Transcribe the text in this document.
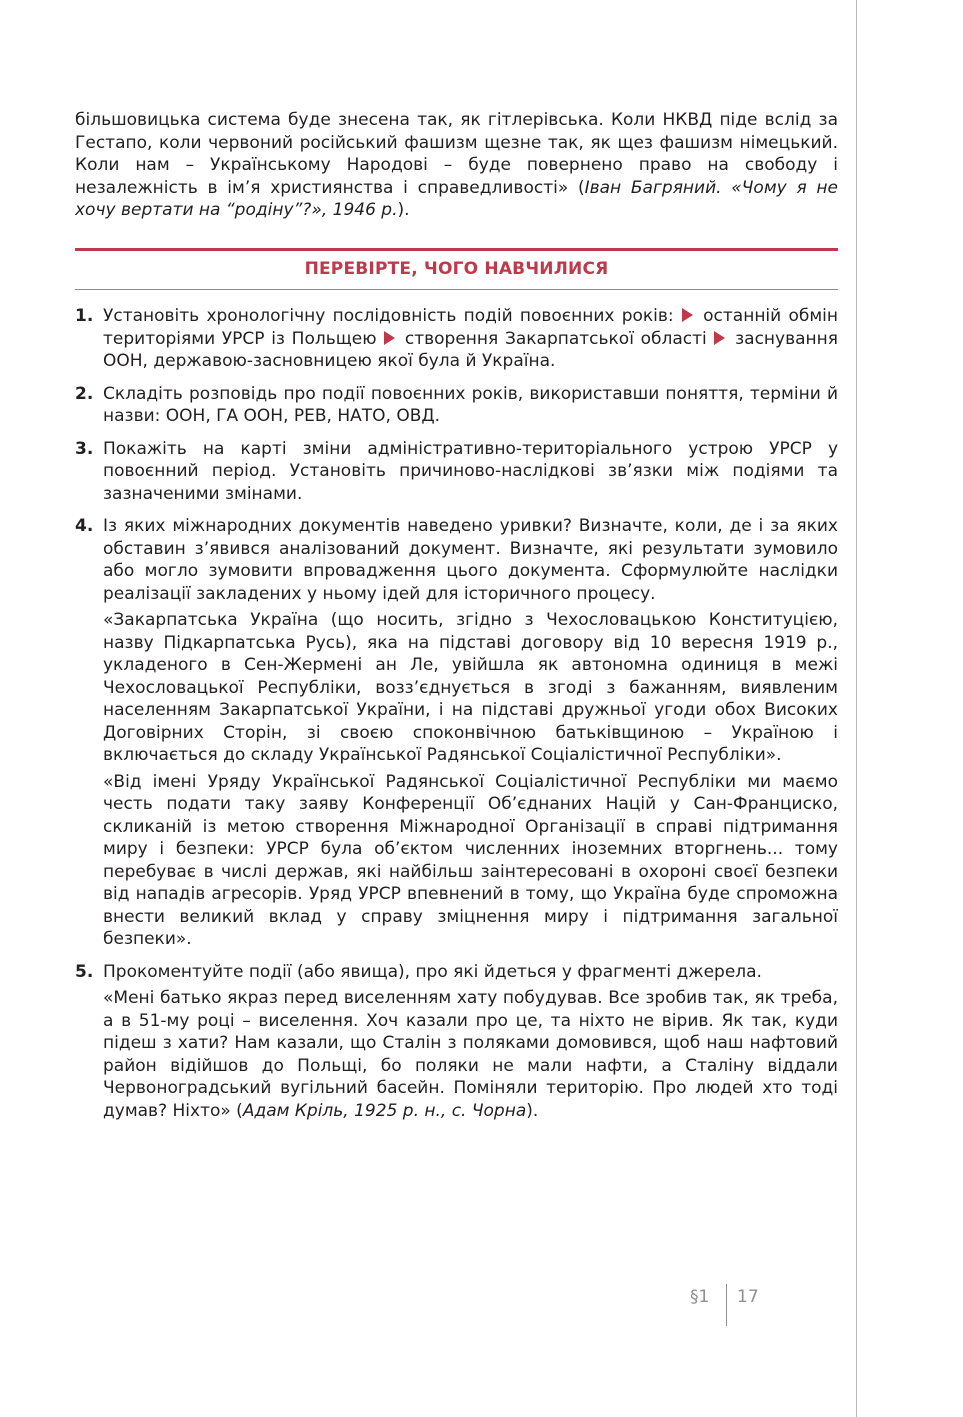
більшовицька система буде знесена так, як гітлерівська. Коли НКВД піде вслід за Гестапо, коли червоний російський фашизм щезне так, як щез фашизм німецький. Коли нам – Українському Народові – буде повернено право на свободу і незалежність в ім’я християнства і справедливості» (Іван Багряний. «Чому я не хочу вертати на “родіну”?», 1946 р.).
ПЕРЕВІРТЕ, ЧОГО НАВЧИЛИСЯ
1. Установіть хронологічну послідовність подій повоєнних років:  останній обмін територіями УРСР із Польщею  створення Закарпатської області  заснування ООН, державою-засновницею якої була й Україна.

2. Складіть розповідь про події повоєнних років, використавши поняття, терміни й назви: ООН, ГА ООН, РЕВ, НАТО, ОВД.

3. Покажіть на карті зміни адміністративно-територіального устрою УРСР у повоєнний період. Установіть причиново-наслідкові зв’язки між подіями та зазначеними змінами.

4. Із яких міжнародних документів наведено уривки? Визначте, коли, де і за яких обставин з’явився аналізований документ. Визначте, які результати зумовило або могло зумовити впровадження цього документа. Сформулюйте наслідки реалізації закладених у ньому ідей для історичного процесу.

«Закарпатська Україна (що носить, згідно з Чехословацькою Конституцією, назву Підкарпатська Русь), яка на підставі договору від 10 вересня 1919 р., укладеного в Сен-Жермені ан Ле, увійшла як автономна одиниця в межі Чехословацької Республіки, возз’єднується в згоді з бажанням, виявленим населенням Закарпатської України, і на підставі дружньої угоди обох Високих Договірних Сторін, зі своєю споконвічною батьківщиною – Україною і включається до складу Української Радянської Соціалістичної Республіки».

«Від імені Уряду Української Радянської Соціалістичної Республіки ми маємо честь подати таку заяву Конференції Об’єднаних Націй у Сан-Франциско, скликаній із метою створення Міжнародної Організації в справі підтримання миру і безпеки: УРСР була об’єктом численних іноземних вторгнень... тому перебуває в числі держав, які найбільш заінтересовані в охороні своєї безпеки від нападів агресорів. Уряд УРСР впевнений в тому, що Україна буде спроможна внести великий вклад у справу зміцнення миру і підтримання загальної безпеки».

5. Прокоментуйте події (або явища), про які йдеться у фрагменті джерела.

«Мені батько якраз перед виселенням хату побудував. Все зробив так, як треба, а в 51-му році – виселення. Хоч казали про це, та ніхто не вірив. Як так, куди підеш з хати? Нам казали, що Сталін з поляками домовився, щоб наш нафтовий район відійшов до Польщі, бо поляки не мали нафти, а Сталіну віддали Червоноградський вугільний басейн. Поміняли територію. Про людей хто тоді думав? Ніхто» (Адам Кріль, 1925 р. н., с. Чорна).

§1 17
